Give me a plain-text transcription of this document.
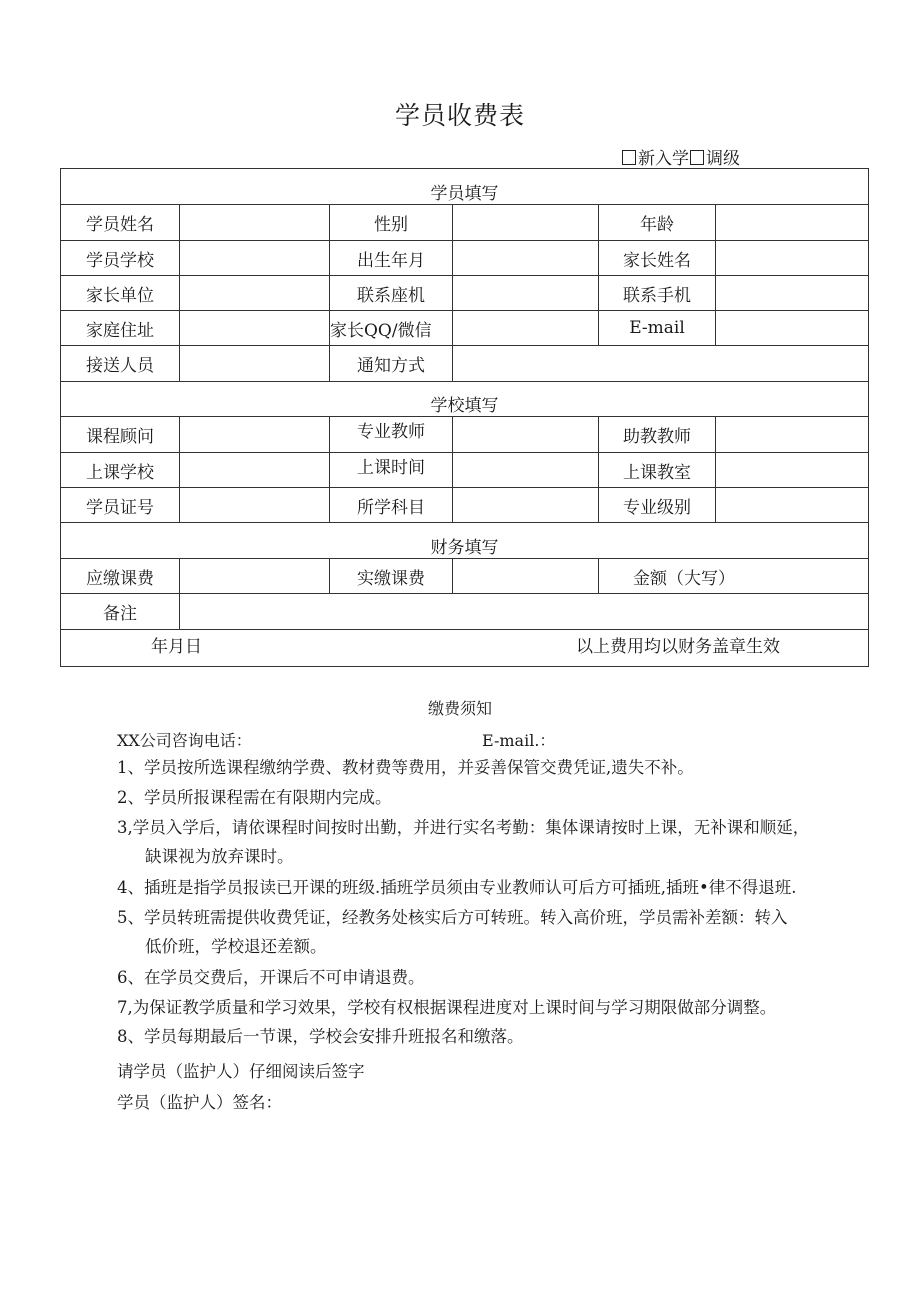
学员收费表
新入学 调级
学员填写					
学员姓名		性别		年龄	
学员学校		出生年月		家长姓名	
家长单位		联系座机		联系手机	
家庭住址		家长QQ/微信		E-mail	
接送人员		通知方式			
学校填写					
课程顾问		专业教师		助教教师	
上课学校		上课时间		上课教室	
学员证号		所学科目		专业级别	
财务填写					
应缴课费		实缴课费		金额（大写）	
备注					

年月日 以上费用均以财务盖章生效					
缴费须知
XX公司咨询电话：	E-mail.：
1、学员按所选课程缴纳学费、教材费等费用，并妥善保管交费凭证,遗失不补。
2、学员所报课程需在有限期内完成。
3,学员入学后，请依课程时间按时出勤，并进行实名考勤：集体课请按时上课，无补课和顺延，
缺课视为放弃课时。
4、插班是指学员报读已开课的班级.插班学员须由专业教师认可后方可插班,插班•律不得退班.
5、学员转班需提供收费凭证，经教务处核实后方可转班。转入高价班，学员需补差额：转入
低价班，学校退还差额。
6、在学员交费后，开课后不可申请退费。
7,为保证教学质量和学习效果，学校有权根据课程进度对上课时间与学习期限做部分调整。
8、学员每期最后一节课，学校会安排升班报名和缴落。
请学员（监护人）仔细阅读后签字
学员（监护人）签名：
